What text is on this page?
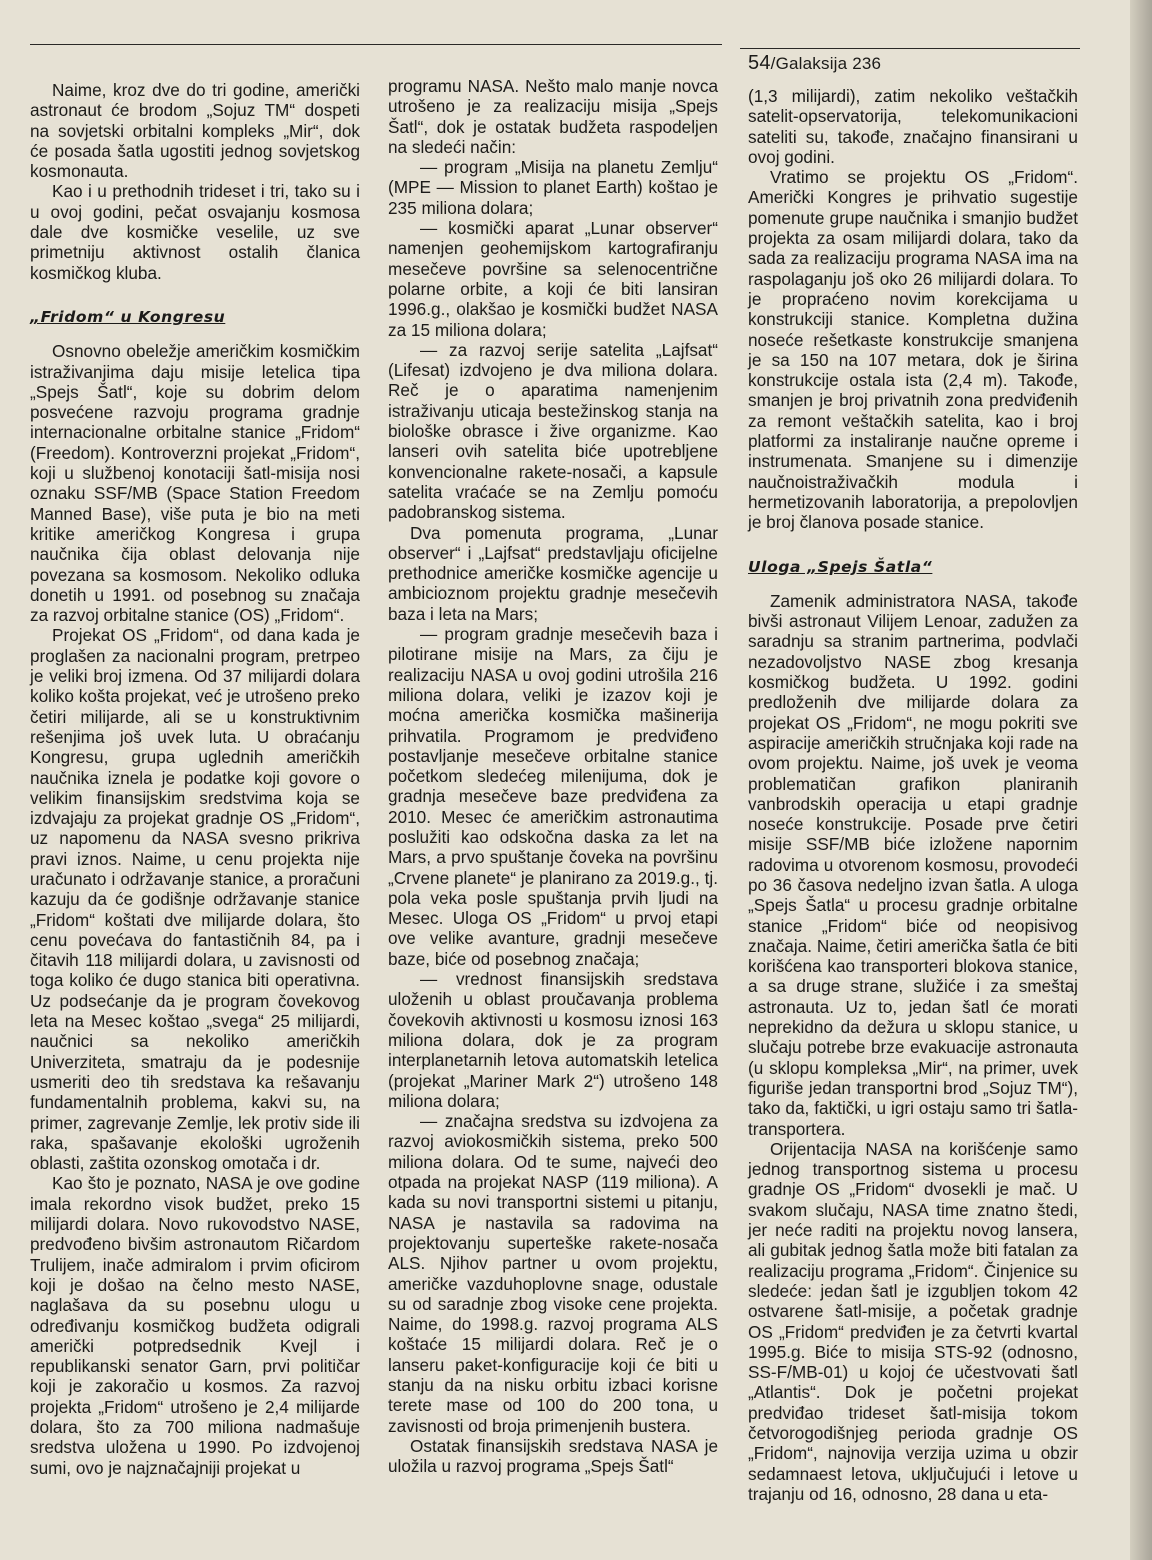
54/Galaksija 236

Naime, kroz dve do tri godine, američki astronaut će brodom „Sojuz TM“ dospeti na sovjetski orbitalni kompleks „Mir“, dok će posada šatla ugostiti jednog sovjetskog kosmonauta.

Kao i u prethodnih trideset i tri, tako su i u ovoj godini, pečat osvajanju kosmosa dale dve kosmičke veselile, uz sve primetniju aktivnost ostalih članica kosmičkog kluba.

„Fridom“ u Kongresu

Osnovno obeležje američkim kosmičkim istraživanjima daju misije letelica tipa „Spejs Šatl“, koje su dobrim delom posvećene razvoju programa gradnje internacionalne orbitalne stanice „Fridom“ (Freedom). Kontroverzni projekat „Fridom“, koji u službenoj konotaciji šatl-misija nosi oznaku SSF/MB (Space Station Freedom Manned Base), više puta je bio na meti kritike američkog Kongresa i grupa naučnika čija oblast delovanja nije povezana sa kosmosom. Nekoliko odluka donetih u 1991. od posebnog su značaja za razvoj orbitalne stanice (OS) „Fridom“.

Projekat OS „Fridom“, od dana kada je proglašen za nacionalni program, pretrpeo je veliki broj izmena. Od 37 milijardi dolara koliko košta projekat, već je utrošeno preko četiri milijarde, ali se u konstruktivnim rešenjima još uvek luta. U obraćanju Kongresu, grupa uglednih američkih naučnika iznela je podatke koji govore o velikim finansijskim sredstvima koja se izdvajaju za projekat gradnje OS „Fridom“, uz napomenu da NASA svesno prikriva pravi iznos. Naime, u cenu projekta nije uračunato i održavanje stanice, a proračuni kazuju da će godišnje održavanje stanice „Fridom“ koštati dve milijarde dolara, što cenu povećava do fantastičnih 84, pa i čitavih 118 milijardi dolara, u zavisnosti od toga koliko će dugo stanica biti operativna. Uz podsećanje da je program čovekovog leta na Mesec koštao „svega“ 25 milijardi, naučnici sa nekoliko američkih Univerziteta, smatraju da je podesnije usmeriti deo tih sredstava ka rešavanju fundamentalnih problema, kakvi su, na primer, zagrevanje Zemlje, lek protiv side ili raka, spašavanje ekološki ugroženih oblasti, zaštita ozonskog omotača i dr.

Kao što je poznato, NASA je ove godine imala rekordno visok budžet, preko 15 milijardi dolara. Novo rukovodstvo NASE, predvođeno bivšim astronautom Ričardom Trulijem, inače admiralom i prvim oficirom koji je došao na čelno mesto NASE, naglašava da su posebnu ulogu u određivanju kosmičkog budžeta odigrali američki potpredsednik Kvejl i republikanski senator Garn, prvi političar koji je zakoračio u kosmos. Za razvoj projekta „Fridom“ utrošeno je 2,4 milijarde dolara, što za 700 miliona nadmašuje sredstva uložena u 1990. Po izdvojenoj sumi, ovo je najznačajniji projekat u

programu NASA. Nešto malo manje novca utrošeno je za realizaciju misija „Spejs Šatl“, dok je ostatak budžeta raspodeljen na sledeći način:

— program „Misija na planetu Zemlju“ (MPE — Mission to planet Earth) koštao je 235 miliona dolara;

— kosmički aparat „Lunar observer“ namenjen geohemijskom kartografiranju mesečeve površine sa selenocentrične polarne orbite, a koji će biti lansiran 1996.g., olakšao je kosmički budžet NASA za 15 miliona dolara;

— za razvoj serije satelita „Lajfsat“ (Lifesat) izdvojeno je dva miliona dolara. Reč je o aparatima namenjenim istraživanju uticaja bestežinskog stanja na biološke obrasce i žive organizme. Kao lanseri ovih satelita biće upotrebljene konvencionalne rakete-nosači, a kapsule satelita vraćaće se na Zemlju pomoću padobranskog sistema.

Dva pomenuta programa, „Lunar observer“ i „Lajfsat“ predstavljaju oficijelne prethodnice američke kosmičke agencije u ambicioznom projektu gradnje mesečevih baza i leta na Mars;

— program gradnje mesečevih baza i pilotirane misije na Mars, za čiju je realizaciju NASA u ovoj godini utrošila 216 miliona dolara, veliki je izazov koji je moćna američka kosmička mašinerija prihvatila. Programom je predviđeno postavljanje mesečeve orbitalne stanice početkom sledećeg milenijuma, dok je gradnja mesečeve baze predviđena za 2010. Mesec će američkim astronautima poslužiti kao odskočna daska za let na Mars, a prvo spuštanje čoveka na površinu „Crvene planete“ je planirano za 2019.g., tj. pola veka posle spuštanja prvih ljudi na Mesec. Uloga OS „Fridom“ u prvoj etapi ove velike avanture, gradnji mesečeve baze, biće od posebnog značaja;

— vrednost finansijskih sredstava uloženih u oblast proučavanja problema čovekovih aktivnosti u kosmosu iznosi 163 miliona dolara, dok je za program interplanetarnih letova automatskih letelica (projekat „Mariner Mark 2“) utrošeno 148 miliona dolara;

— značajna sredstva su izdvojena za razvoj aviokosmičkih sistema, preko 500 miliona dolara. Od te sume, najveći deo otpada na projekat NASP (119 miliona). A kada su novi transportni sistemi u pitanju, NASA je nastavila sa radovima na projektovanju superteške rakete-nosača ALS. Njihov partner u ovom projektu, američke vazduhoplovne snage, odustale su od saradnje zbog visoke cene projekta. Naime, do 1998.g. razvoj programa ALS koštaće 15 milijardi dolara. Reč je o lanseru paket-konfiguracije koji će biti u stanju da na nisku orbitu izbaci korisne terete mase od 100 do 200 tona, u zavisnosti od broja primenjenih bustera.

Ostatak finansijskih sredstava NASA je uložila u razvoj programa „Spejs Šatl“

(1,3 milijardi), zatim nekoliko veštačkih satelit-opservatorija, telekomunikacioni sateliti su, takođe, značajno finansirani u ovoj godini.

Vratimo se projektu OS „Fridom“. Američki Kongres je prihvatio sugestije pomenute grupe naučnika i smanjio budžet projekta za osam milijardi dolara, tako da sada za realizaciju programa NASA ima na raspolaganju još oko 26 milijardi dolara. To je propraćeno novim korekcijama u konstrukciji stanice. Kompletna dužina noseće rešetkaste konstrukcije smanjena je sa 150 na 107 metara, dok je širina konstrukcije ostala ista (2,4 m). Takođe, smanjen je broj privatnih zona predviđenih za remont veštačkih satelita, kao i broj platformi za instaliranje naučne opreme i instrumenata. Smanjene su i dimenzije naučnoistraživačkih modula i hermetizovanih laboratorija, a prepolovljen je broj članova posade stanice.

Uloga „Spejs Šatla“

Zamenik administratora NASA, takođe bivši astronaut Vilijem Lenoar, zadužen za saradnju sa stranim partnerima, podvlači nezadovoljstvo NASE zbog kresanja kosmičkog budžeta. U 1992. godini predloženih dve milijarde dolara za projekat OS „Fridom“, ne mogu pokriti sve aspiracije američkih stručnjaka koji rade na ovom projektu. Naime, još uvek je veoma problematičan grafikon planiranih vanbrodskih operacija u etapi gradnje noseće konstrukcije. Posade prve četiri misije SSF/MB biće izložene napornim radovima u otvorenom kosmosu, provodeći po 36 časova nedeljno izvan šatla. A uloga „Spejs Šatla“ u procesu gradnje orbitalne stanice „Fridom“ biće od neopisivog značaja. Naime, četiri američka šatla će biti korišćena kao transporteri blokova stanice, a sa druge strane, služiće i za smeštaj astronauta. Uz to, jedan šatl će morati neprekidno da dežura u sklopu stanice, u slučaju potrebe brze evakuacije astronauta (u sklopu kompleksa „Mir“, na primer, uvek figuriše jedan transportni brod „Sojuz TM“), tako da, faktički, u igri ostaju samo tri šatla-transportera.

Orijentacija NASA na korišćenje samo jednog transportnog sistema u procesu gradnje OS „Fridom“ dvosekli je mač. U svakom slučaju, NASA time znatno štedi, jer neće raditi na projektu novog lansera, ali gubitak jednog šatla može biti fatalan za realizaciju programa „Fridom“. Činjenice su sledeće: jedan šatl je izgubljen tokom 42 ostvarene šatl-misije, a početak gradnje OS „Fridom“ predviđen je za četvrti kvartal 1995.g. Biće to misija STS-92 (odnosno, SS-F/MB-01) u kojoj će učestvovati šatl „Atlantis“. Dok je početni projekat predviđao trideset šatl-misija tokom četvorogodišnjeg perioda gradnje OS „Fridom“, najnovija verzija uzima u obzir sedamnaest letova, uključujući i letove u trajanju od 16, odnosno, 28 dana u eta-
